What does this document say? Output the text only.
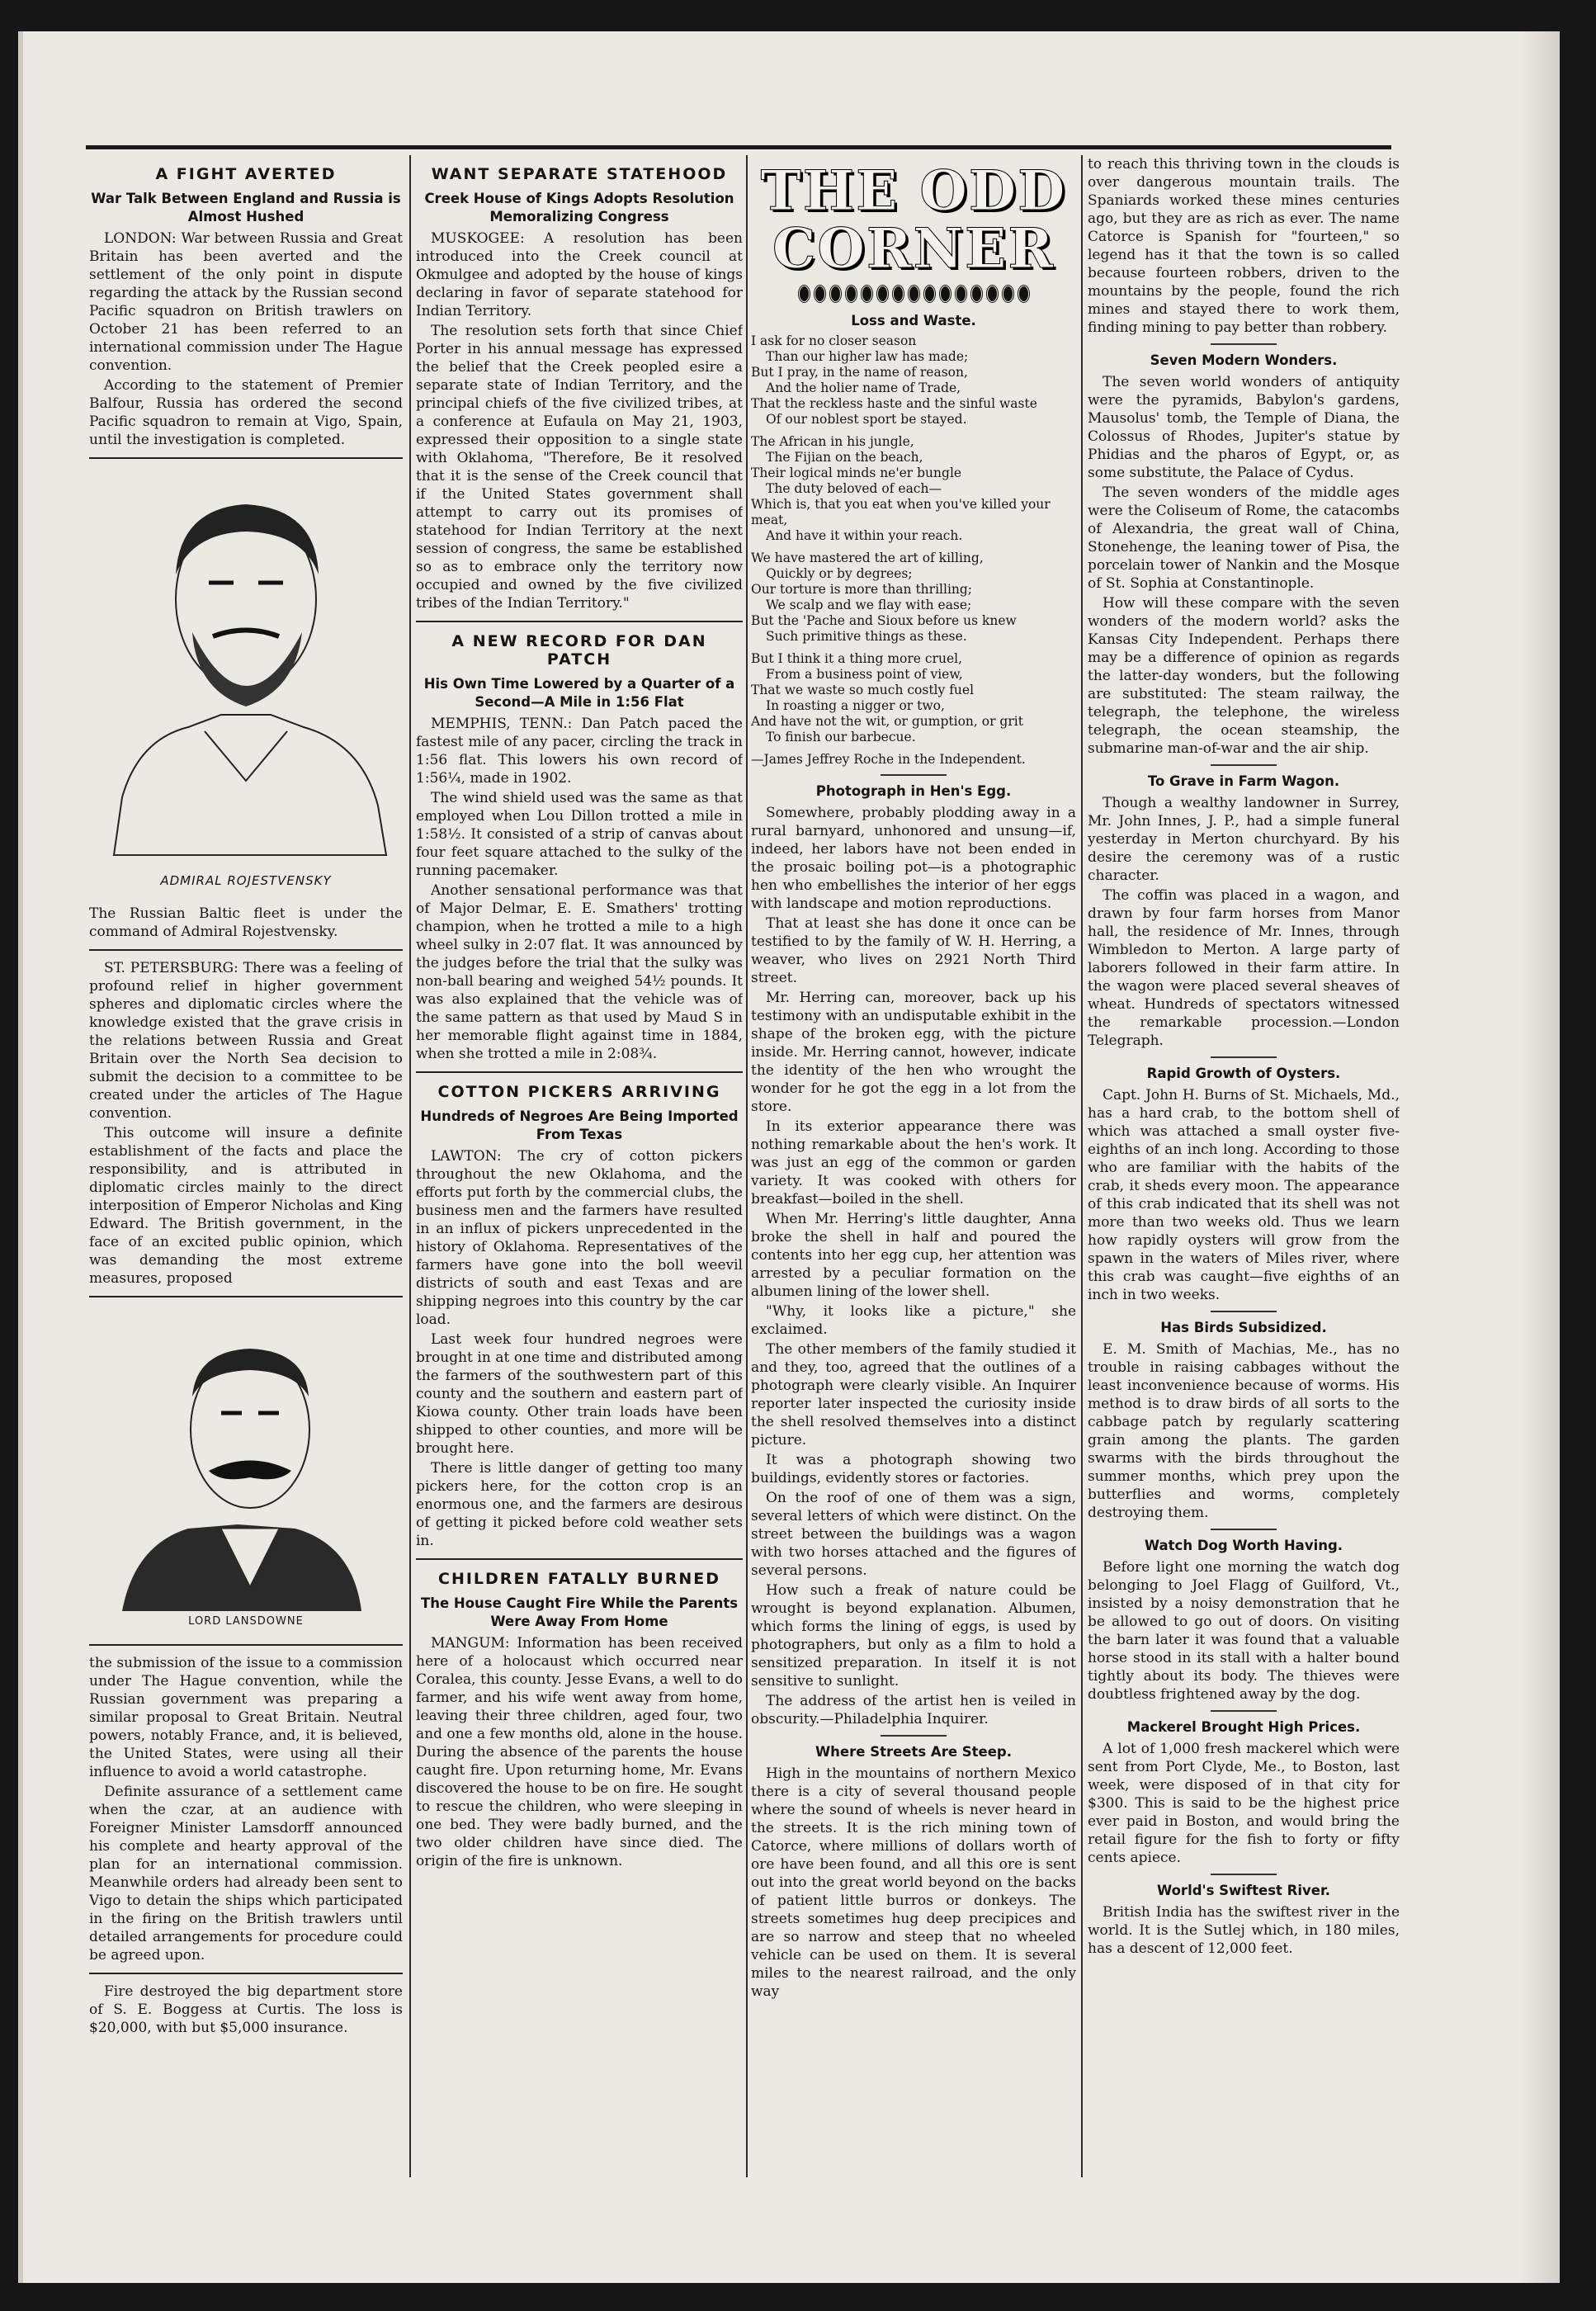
A FIGHT AVERTED
War Talk Between England and Russia is Almost Hushed

LONDON: War between Russia and Great Britain has been averted and the settlement of the only point in dispute regarding the attack by the Russian second Pacific squadron on British trawlers on October 21 has been referred to an international commission under The Hague convention.

According to the statement of Premier Balfour, Russia has ordered the second Pacific squadron to remain at Vigo, Spain, until the investigation is completed.

ADMIRAL ROJESTVENSKY

The Russian Baltic fleet is under the command of Admiral Rojestvensky.

ST. PETERSBURG: There was a feeling of profound relief in higher government spheres and diplomatic circles where the knowledge existed that the grave crisis in the relations between Russia and Great Britain over the North Sea decision to submit the decision to a committee to be created under the articles of The Hague convention.

This outcome will insure a definite establishment of the facts and place the responsibility, and is attributed in diplomatic circles mainly to the direct interposition of Emperor Nicholas and King Edward. The British government, in the face of an excited public opinion, which was demanding the most extreme measures, proposed

LORD LANSDOWNE

the submission of the issue to a commission under The Hague convention, while the Russian government was preparing a similar proposal to Great Britain. Neutral powers, notably France, and, it is believed, the United States, were using all their influence to avoid a world catastrophe.

Definite assurance of a settlement came when the czar, at an audience with Foreigner Minister Lamsdorff announced his complete and hearty approval of the plan for an international commission. Meanwhile orders had already been sent to Vigo to detain the ships which participated in the firing on the British trawlers until detailed arrangements for procedure could be agreed upon.

Fire destroyed the big department store of S. E. Boggess at Curtis. The loss is $20,000, with but $5,000 insurance.

WANT SEPARATE STATEHOOD
Creek House of Kings Adopts Resolution Memoralizing Congress

MUSKOGEE: A resolution has been introduced into the Creek council at Okmulgee and adopted by the house of kings declaring in favor of separate statehood for Indian Territory.

The resolution sets forth that since Chief Porter in his annual message has expressed the belief that the Creek peopled esire a separate state of Indian Territory, and the principal chiefs of the five civilized tribes, at a conference at Eufaula on May 21, 1903, expressed their opposition to a single state with Oklahoma, "Therefore, Be it resolved that it is the sense of the Creek council that if the United States government shall attempt to carry out its promises of statehood for Indian Territory at the next session of congress, the same be established so as to embrace only the territory now occupied and owned by the five civilized tribes of the Indian Territory."

A NEW RECORD FOR DAN PATCH
His Own Time Lowered by a Quarter of a Second—A Mile in 1:56 Flat

MEMPHIS, TENN.: Dan Patch paced the fastest mile of any pacer, circling the track in 1:56 flat. This lowers his own record of 1:56¼, made in 1902.

The wind shield used was the same as that employed when Lou Dillon trotted a mile in 1:58½. It consisted of a strip of canvas about four feet square attached to the sulky of the running pacemaker.

Another sensational performance was that of Major Delmar, E. E. Smathers' trotting champion, when he trotted a mile to a high wheel sulky in 2:07 flat. It was announced by the judges before the trial that the sulky was non-ball bearing and weighed 54½ pounds. It was also explained that the vehicle was of the same pattern as that used by Maud S in her memorable flight against time in 1884, when she trotted a mile in 2:08¾.

COTTON PICKERS ARRIVING
Hundreds of Negroes Are Being Imported From Texas

LAWTON: The cry of cotton pickers throughout the new Oklahoma, and the efforts put forth by the commercial clubs, the business men and the farmers have resulted in an influx of pickers unprecedented in the history of Oklahoma. Representatives of the farmers have gone into the boll weevil districts of south and east Texas and are shipping negroes into this country by the car load.

Last week four hundred negroes were brought in at one time and distributed among the farmers of the southwestern part of this county and the southern and eastern part of Kiowa county. Other train loads have been shipped to other counties, and more will be brought here.

There is little danger of getting too many pickers here, for the cotton crop is an enormous one, and the farmers are desirous of getting it picked before cold weather sets in.

CHILDREN FATALLY BURNED
The House Caught Fire While the Parents Were Away From Home

MANGUM: Information has been received here of a holocaust which occurred near Coralea, this county. Jesse Evans, a well to do farmer, and his wife went away from home, leaving their three children, aged four, two and one a few months old, alone in the house. During the absence of the parents the house caught fire. Upon returning home, Mr. Evans discovered the house to be on fire. He sought to rescue the children, who were sleeping in one bed. They were badly burned, and the two older children have since died. The origin of the fire is unknown.

THE ODD
CORNER
Loss and Waste.
I ask for no closer season
Than our higher law has made;
But I pray, in the name of reason,
And the holier name of Trade,
That the reckless haste and the sinful waste
Of our noblest sport be stayed.
The African in his jungle,
The Fijian on the beach,
Their logical minds ne'er bungle
The duty beloved of each—
Which is, that you eat when you've killed your meat,
And have it within your reach.
We have mastered the art of killing,
Quickly or by degrees;
Our torture is more than thrilling;
We scalp and we flay with ease;
But the 'Pache and Sioux before us knew
Such primitive things as these.
But I think it a thing more cruel,
From a business point of view,
That we waste so much costly fuel
In roasting a nigger or two,
And have not the wit, or gumption, or grit
To finish our barbecue.

—James Jeffrey Roche in the Independent.

Photograph in Hen's Egg.

Somewhere, probably plodding away in a rural barnyard, unhonored and unsung—if, indeed, her labors have not been ended in the prosaic boiling pot—is a photographic hen who embellishes the interior of her eggs with landscape and motion reproductions.

That at least she has done it once can be testified to by the family of W. H. Herring, a weaver, who lives on 2921 North Third street.

Mr. Herring can, moreover, back up his testimony with an undisputable exhibit in the shape of the broken egg, with the picture inside. Mr. Herring cannot, however, indicate the identity of the hen who wrought the wonder for he got the egg in a lot from the store.

In its exterior appearance there was nothing remarkable about the hen's work. It was just an egg of the common or garden variety. It was cooked with others for breakfast—boiled in the shell.

When Mr. Herring's little daughter, Anna broke the shell in half and poured the contents into her egg cup, her attention was arrested by a peculiar formation on the albumen lining of the lower shell.

"Why, it looks like a picture," she exclaimed.

The other members of the family studied it and they, too, agreed that the outlines of a photograph were clearly visible. An Inquirer reporter later inspected the curiosity inside the shell resolved themselves into a distinct picture.

It was a photograph showing two buildings, evidently stores or factories.

On the roof of one of them was a sign, several letters of which were distinct. On the street between the buildings was a wagon with two horses attached and the figures of several persons.

How such a freak of nature could be wrought is beyond explanation. Albumen, which forms the lining of eggs, is used by photographers, but only as a film to hold a sensitized preparation. In itself it is not sensitive to sunlight.

The address of the artist hen is veiled in obscurity.—Philadelphia Inquirer.

Where Streets Are Steep.

High in the mountains of northern Mexico there is a city of several thousand people where the sound of wheels is never heard in the streets. It is the rich mining town of Catorce, where millions of dollars worth of ore have been found, and all this ore is sent out into the great world beyond on the backs of patient little burros or donkeys. The streets sometimes hug deep precipices and are so narrow and steep that no wheeled vehicle can be used on them. It is several miles to the nearest railroad, and the only way

to reach this thriving town in the clouds is over dangerous mountain trails. The Spaniards worked these mines centuries ago, but they are as rich as ever. The name Catorce is Spanish for "fourteen," so legend has it that the town is so called because fourteen robbers, driven to the mountains by the people, found the rich mines and stayed there to work them, finding mining to pay better than robbery.

Seven Modern Wonders.

The seven world wonders of antiquity were the pyramids, Babylon's gardens, Mausolus' tomb, the Temple of Diana, the Colossus of Rhodes, Jupiter's statue by Phidias and the pharos of Egypt, or, as some substitute, the Palace of Cydus.

The seven wonders of the middle ages were the Coliseum of Rome, the catacombs of Alexandria, the great wall of China, Stonehenge, the leaning tower of Pisa, the porcelain tower of Nankin and the Mosque of St. Sophia at Constantinople.

How will these compare with the seven wonders of the modern world? asks the Kansas City Independent. Perhaps there may be a difference of opinion as regards the latter-day wonders, but the following are substituted: The steam railway, the telegraph, the telephone, the wireless telegraph, the ocean steamship, the submarine man-of-war and the air ship.

To Grave in Farm Wagon.

Though a wealthy landowner in Surrey, Mr. John Innes, J. P., had a simple funeral yesterday in Merton churchyard. By his desire the ceremony was of a rustic character.

The coffin was placed in a wagon, and drawn by four farm horses from Manor hall, the residence of Mr. Innes, through Wimbledon to Merton. A large party of laborers followed in their farm attire. In the wagon were placed several sheaves of wheat. Hundreds of spectators witnessed the remarkable procession.—London Telegraph.

Rapid Growth of Oysters.

Capt. John H. Burns of St. Michaels, Md., has a hard crab, to the bottom shell of which was attached a small oyster five-eighths of an inch long. According to those who are familiar with the habits of the crab, it sheds every moon. The appearance of this crab indicated that its shell was not more than two weeks old. Thus we learn how rapidly oysters will grow from the spawn in the waters of Miles river, where this crab was caught—five eighths of an inch in two weeks.

Has Birds Subsidized.

E. M. Smith of Machias, Me., has no trouble in raising cabbages without the least inconvenience because of worms. His method is to draw birds of all sorts to the cabbage patch by regularly scattering grain among the plants. The garden swarms with the birds throughout the summer months, which prey upon the butterflies and worms, completely destroying them.

Watch Dog Worth Having.

Before light one morning the watch dog belonging to Joel Flagg of Guilford, Vt., insisted by a noisy demonstration that he be allowed to go out of doors. On visiting the barn later it was found that a valuable horse stood in its stall with a halter bound tightly about its body. The thieves were doubtless frightened away by the dog.

Mackerel Brought High Prices.

A lot of 1,000 fresh mackerel which were sent from Port Clyde, Me., to Boston, last week, were disposed of in that city for $300. This is said to be the highest price ever paid in Boston, and would bring the retail figure for the fish to forty or fifty cents apiece.

World's Swiftest River.

British India has the swiftest river in the world. It is the Sutlej which, in 180 miles, has a descent of 12,000 feet.
